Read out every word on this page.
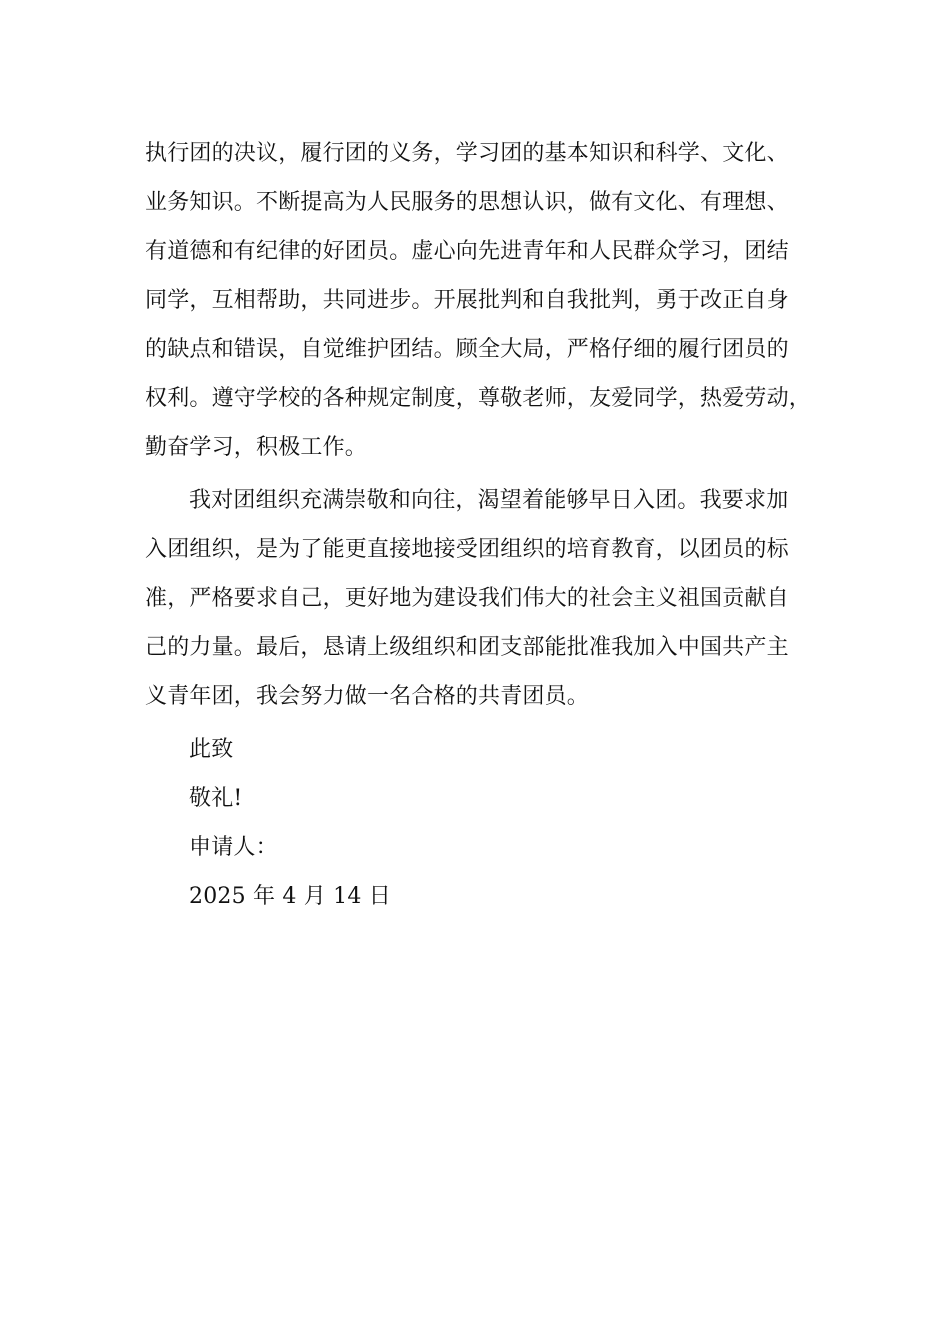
执行团的决议，履行团的义务，学习团的基本知识和科学、文化、
业务知识。不断提高为人民服务的思想认识，做有文化、有理想、
有道德和有纪律的好团员。虚心向先进青年和人民群众学习，团结
同学，互相帮助，共同进步。开展批判和自我批判，勇于改正自身
的缺点和错误，自觉维护团结。顾全大局，严格仔细的履行团员的
权利。遵守学校的各种规定制度，尊敬老师，友爱同学，热爱劳动，
勤奋学习，积极工作。
我对团组织充满崇敬和向往，渴望着能够早日入团。我要求加
入团组织，是为了能更直接地接受团组织的培育教育，以团员的标
准，严格要求自己，更好地为建设我们伟大的社会主义祖国贡献自
己的力量。最后，恳请上级组织和团支部能批准我加入中国共产主
义青年团，我会努力做一名合格的共青团员。
此致
敬礼!
申请人：
2025 年 4 月 14 日
